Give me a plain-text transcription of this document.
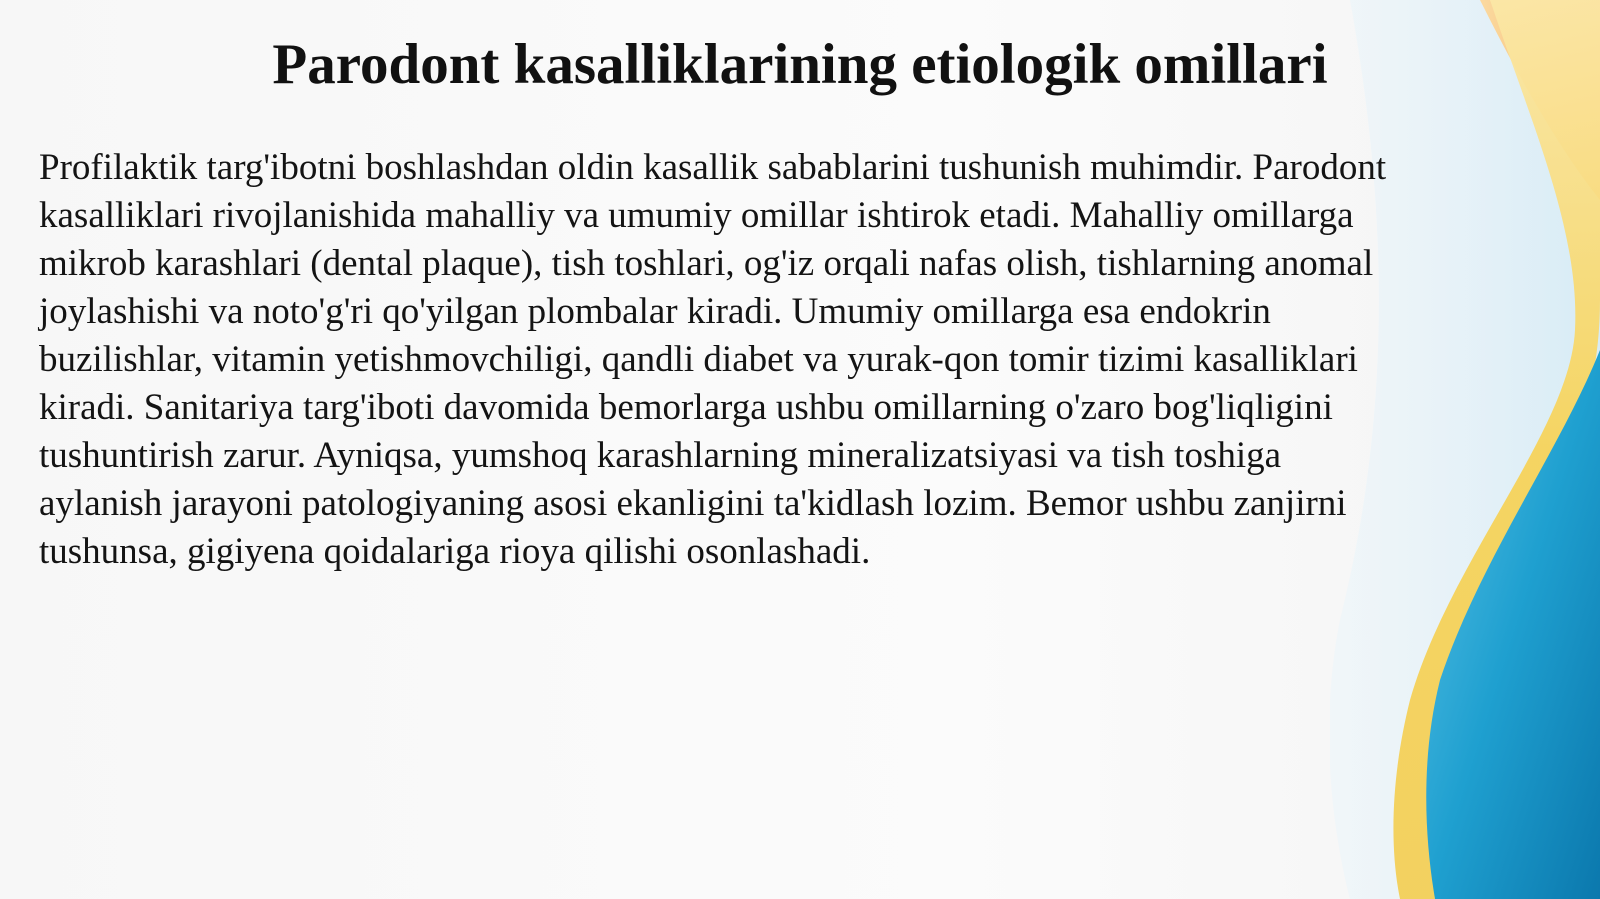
Parodont kasalliklarining etiologik omillari

Profilaktik targ'ibotni boshlashdan oldin kasallik sabablarini tushunish muhimdir. Parodont kasalliklari rivojlanishida mahalliy va umumiy omillar ishtirok etadi. Mahalliy omillarga mikrob karashlari (dental plaque), tish toshlari, og'iz orqali nafas olish, tishlarning anomal joylashishi va noto'g'ri qo'yilgan plombalar kiradi. Umumiy omillarga esa endokrin buzilishlar, vitamin yetishmovchiligi, qandli diabet va yurak-qon tomir tizimi kasalliklari kiradi. Sanitariya targ'iboti davomida bemorlarga ushbu omillarning o'zaro bog'liqligini tushuntirish zarur. Ayniqsa, yumshoq karashlarning mineralizatsiyasi va tish toshiga aylanish jarayoni patologiyaning asosi ekanligini ta'kidlash lozim. Bemor ushbu zanjirni tushunsa, gigiyena qoidalariga rioya qilishi osonlashadi.
